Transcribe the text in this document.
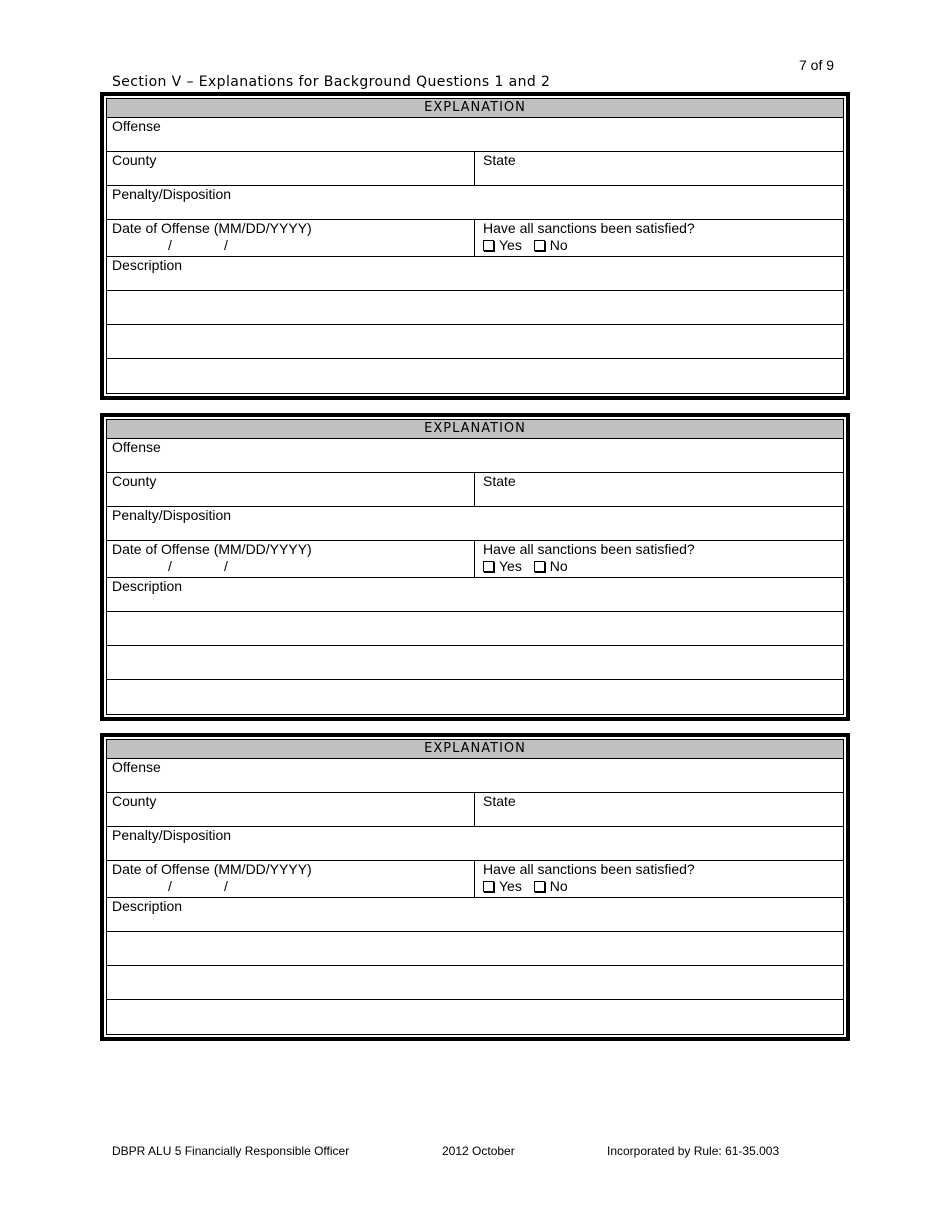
7 of 9
Section V – Explanations for Background Questions 1 and 2
EXPLANATION
Offense
County	State
Penalty/Disposition
Date of Offense (MM/DD/YYYY)
/	/
Have all sanctions been satisfied?
Yes No
Description
EXPLANATION
Offense
County	State
Penalty/Disposition
Date of Offense (MM/DD/YYYY)
/	/
Have all sanctions been satisfied?
Yes No
Description
EXPLANATION
Offense
County	State
Penalty/Disposition
Date of Offense (MM/DD/YYYY)
/	/
Have all sanctions been satisfied?
Yes No
Description
DBPR ALU 5 Financially Responsible Officer	2012 October	Incorporated by Rule: 61-35.003
